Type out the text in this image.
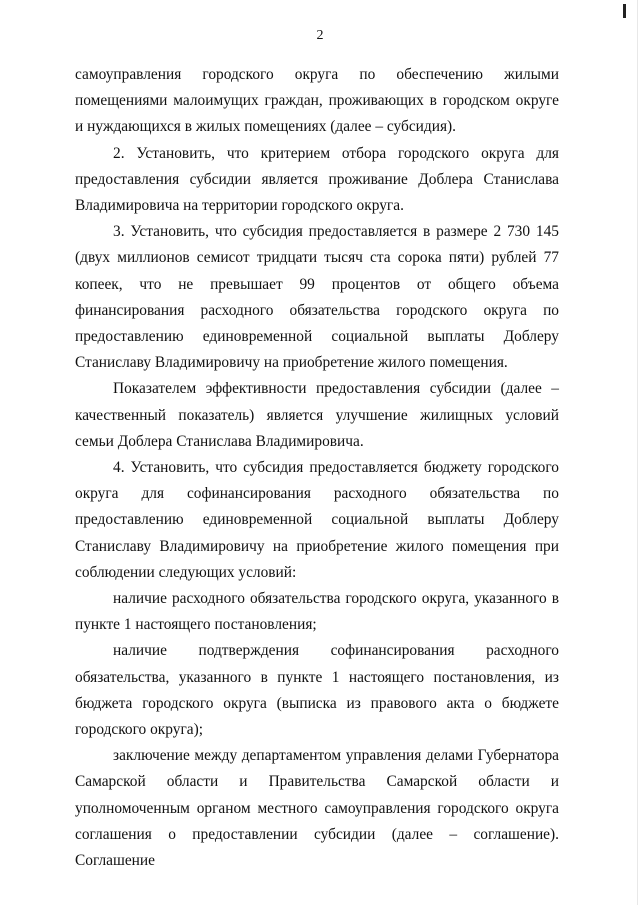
2

самоуправления городского округа по обеспечению жилыми помещениями малоимущих граждан, проживающих в городском округе и нуждающихся в жилых помещениях (далее – субсидия).

2. Установить, что критерием отбора городского округа для предоставления субсидии является проживание Доблера Станислава Владимировича на территории городского округа.

3. Установить, что субсидия предоставляется в размере 2 730 145 (двух миллионов семисот тридцати тысяч ста сорока пяти) рублей 77 копеек, что не превышает 99 процентов от общего объема финансирования расходного обязательства городского округа по предоставлению единовременной социальной выплаты Доблеру Станиславу Владимировичу на приобретение жилого помещения.

Показателем эффективности предоставления субсидии (далее – качественный показатель) является улучшение жилищных условий семьи Доблера Станислава Владимировича.

4. Установить, что субсидия предоставляется бюджету городского округа для софинансирования расходного обязательства по предоставлению единовременной социальной выплаты Доблеру Станиславу Владимировичу на приобретение жилого помещения при соблюдении следующих условий:

наличие расходного обязательства городского округа, указанного в пункте 1 настоящего постановления;

наличие подтверждения софинансирования расходного обязательства, указанного в пункте 1 настоящего постановления, из бюджета городского округа (выписка из правового акта о бюджете городского округа);

заключение между департаментом управления делами Губернатора Самарской области и Правительства Самарской области и уполномоченным органом местного самоуправления городского округа соглашения о предоставлении субсидии (далее – соглашение). Соглашение
